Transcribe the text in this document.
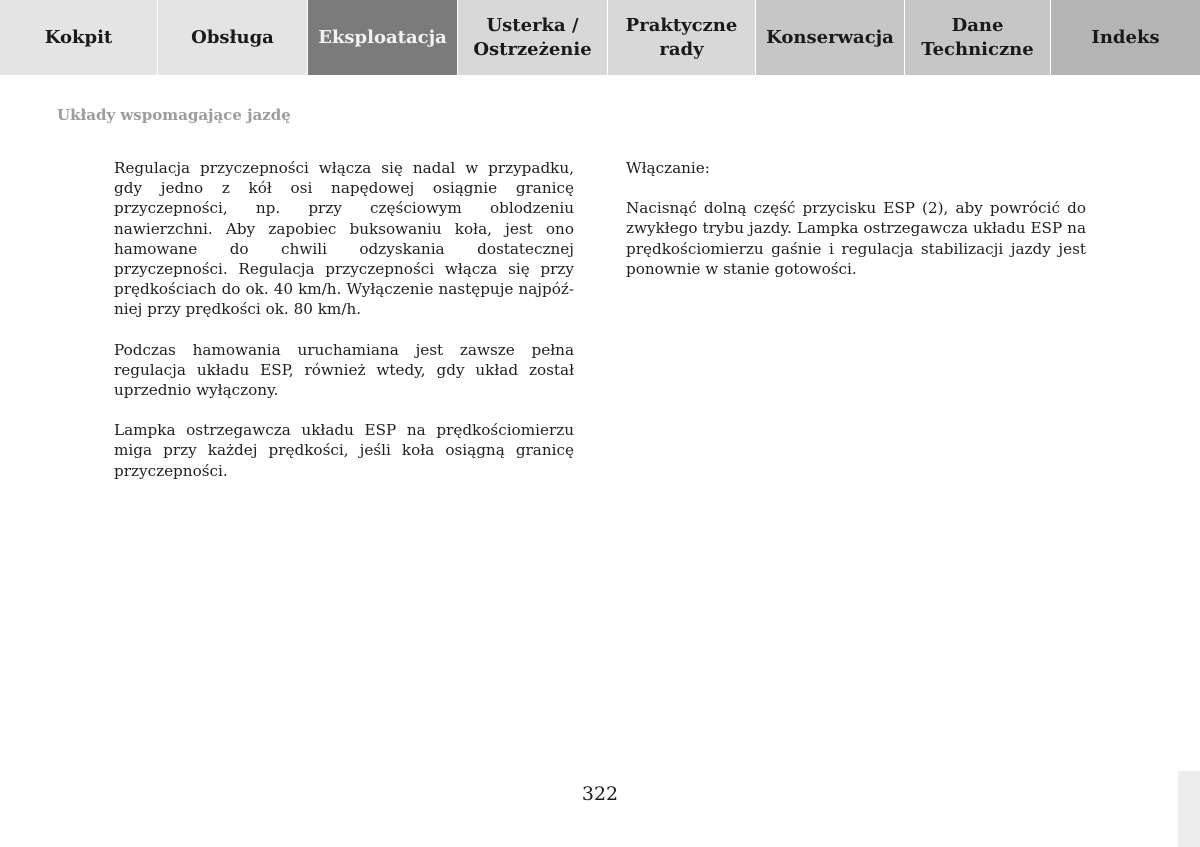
Kokpit	Obsługa	Eksploatacja
Usterka /
Ostrzeżenie
Praktyczne
rady
Konserwacja
Dane
Techniczne
Indeks
Układy wspomagające jazdę

Regulacja przyczepności włącza się nadal w przypadku, gdy jedno z kół osi napędowej osiągnie granicę przyczepności, np. przy częściowym oblodzeniu nawierzchni. Aby zapobiec buksowaniu koła, jest ono hamowane do chwili odzyskania dostatecznej przyczepności. Regulacja przyczepności włącza się przy prędkościach do ok. 40 km/h. Wyłączenie następuje najpóźniej przy prędkości ok. 80 km/h.

Podczas hamowania uruchamiana jest zawsze pełna regulacja układu ESP, również wtedy, gdy układ został uprzednio wyłączony.

Lampka ostrzegawcza układu ESP na prędkościomierzu miga przy każdej prędkości, jeśli koła osiągną granicę przyczepności.

Włączanie:

Nacisnąć dolną część przycisku ESP (2), aby powrócić do zwykłego trybu jazdy. Lampka ostrzegawcza układu ESP na prędkościomierzu gaśnie i regulacja stabilizacji jazdy jest ponownie w stanie gotowości.

322
